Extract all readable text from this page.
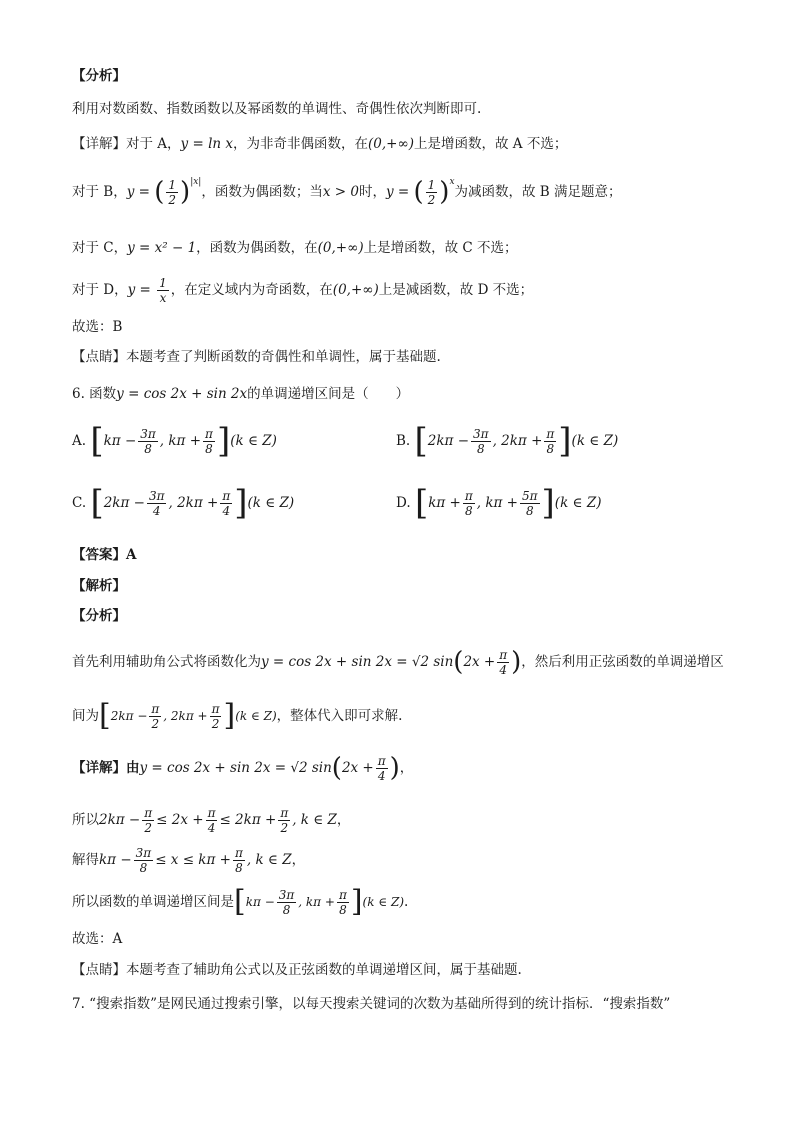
【分析】
利用对数函数、指数函数以及幂函数的单调性、奇偶性依次判断即可.
【详解】对于 A， y = ln x ，为非奇非偶函数，在 (0,+∞) 上是增函数，故 A 不选；
对于 B， y = ( $\frac{1}{2} )^{|x|}$
，函数为偶函数；当 x > 0 时， y = ( $\frac{1}{2} )^x$
为减函数，故 B 满足题意；
对于 C， y = x² − 1 ，函数为偶函数，在 (0,+∞) 上是增函数，故 C 不选；
对于 D， $y = \frac{1}{x}$ ，在定义域内为奇函数，在 (0,+∞) 上是减函数，故 D 不选；
故选：B
【点睛】本题考查了判断函数的奇偶性和单调性，属于基础题.
6. 函数 y = cos 2x + sin 2x 的单调递增区间是（　　）
A.
[ $k\pi - \frac{3\pi}{8}$ , $k\pi + \frac{\pi}{8}$ ] (k ∈ Z)	B.
[ $2k\pi - \frac{3\pi}{8}$ , $2k\pi + \frac{\pi}{8}$ ] (k ∈ Z)
C.
[ $2k\pi - \frac{3\pi}{4}$ , $2k\pi + \frac{\pi}{4}$ ] (k ∈ Z)	D.
[ $k\pi + \frac{\pi}{8}$ , $k\pi + \frac{5\pi}{8}$ ] (k ∈ Z)
【答案】A
【解析】
【分析】
首先利用辅助角公式将函数化为 y = cos 2x + sin 2x = √2 sin ( $2x + \frac{\pi}{4}$ ) ，然后利用正弦函数的单调递增区
间为 [ $2k\pi - \frac{\pi}{2}$ , $2k\pi + \frac{\pi}{2}$ ] (k ∈ Z) ，整体代入即可求解.
【详解】由 y = cos 2x + sin 2x = √2 sin ( $2x + \frac{\pi}{4}$ ) ，
所以 $2k\pi - \frac{\pi}{2} \le 2x + \frac{\pi}{4} \le 2k\pi + \frac{\pi}{2}$ , k ∈ Z ，
解得 $k\pi - \frac{3\pi}{8} \le x \le k\pi + \frac{\pi}{8}$ , k ∈ Z ，
所以函数的单调递增区间是 [ $k\pi - \frac{3\pi}{8}$ , $k\pi + \frac{\pi}{8}$ ] (k ∈ Z) .
故选：A
【点睛】本题考查了辅助角公式以及正弦函数的单调递增区间，属于基础题.
7. “搜索指数”是网民通过搜索引擎，以每天搜索关键词的次数为基础所得到的统计指标．“搜索指数”
